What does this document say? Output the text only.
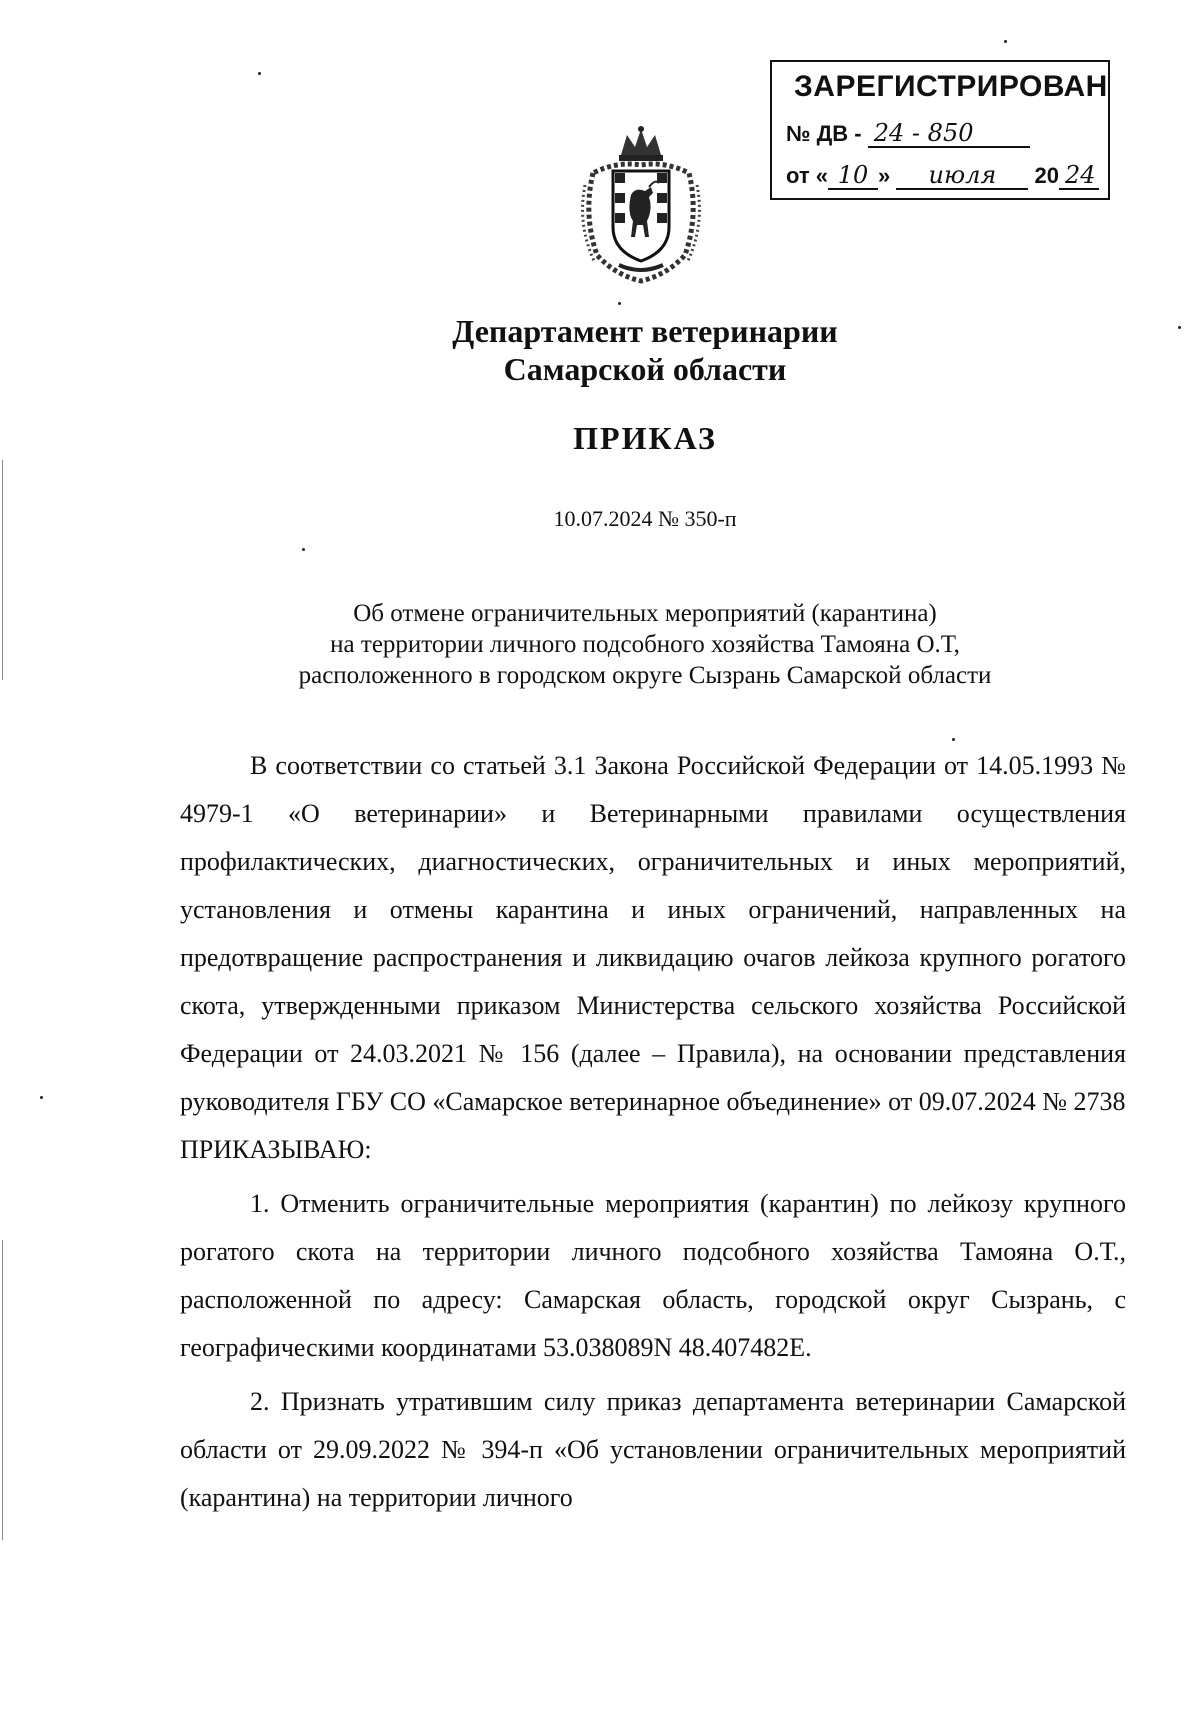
ЗАРЕГИСТРИРОВАН
№ ДВ - 24 - 850
от « 10 » июля 20 24
Департамент ветеринарии
Самарской области
ПРИКАЗ
10.07.2024 № 350-п
Об отмене ограничительных мероприятий (карантина)
на территории личного подсобного хозяйства Тамояна О.Т,
расположенного в городском округе Сызрань Самарской области

В соответствии со статьей 3.1 Закона Российской Федерации от 14.05.1993 № 4979-1 «О ветеринарии» и Ветеринарными правилами осуществления профилактических, диагностических, ограничительных и иных мероприятий, установления и отмены карантина и иных ограничений, направленных на предотвращение распространения и ликвидацию очагов лейкоза крупного рогатого скота, утвержденными приказом Министерства сельского хозяйства Российской Федерации от 24.03.2021 № 156 (далее – Правила), на основании представления руководителя ГБУ СО «Самарское ветеринарное объединение» от 09.07.2024 № 2738

ПРИКАЗЫВАЮ:

1. Отменить ограничительные мероприятия (карантин) по лейкозу крупного рогатого скота на территории личного подсобного хозяйства Тамояна О.Т., расположенной по адресу: Самарская область, городской округ Сызрань, с географическими координатами 53.038089N 48.407482E.

2. Признать утратившим силу приказ департамента ветеринарии Самарской области от 29.09.2022 № 394-п «Об установлении ограничительных мероприятий (карантина) на территории личного
